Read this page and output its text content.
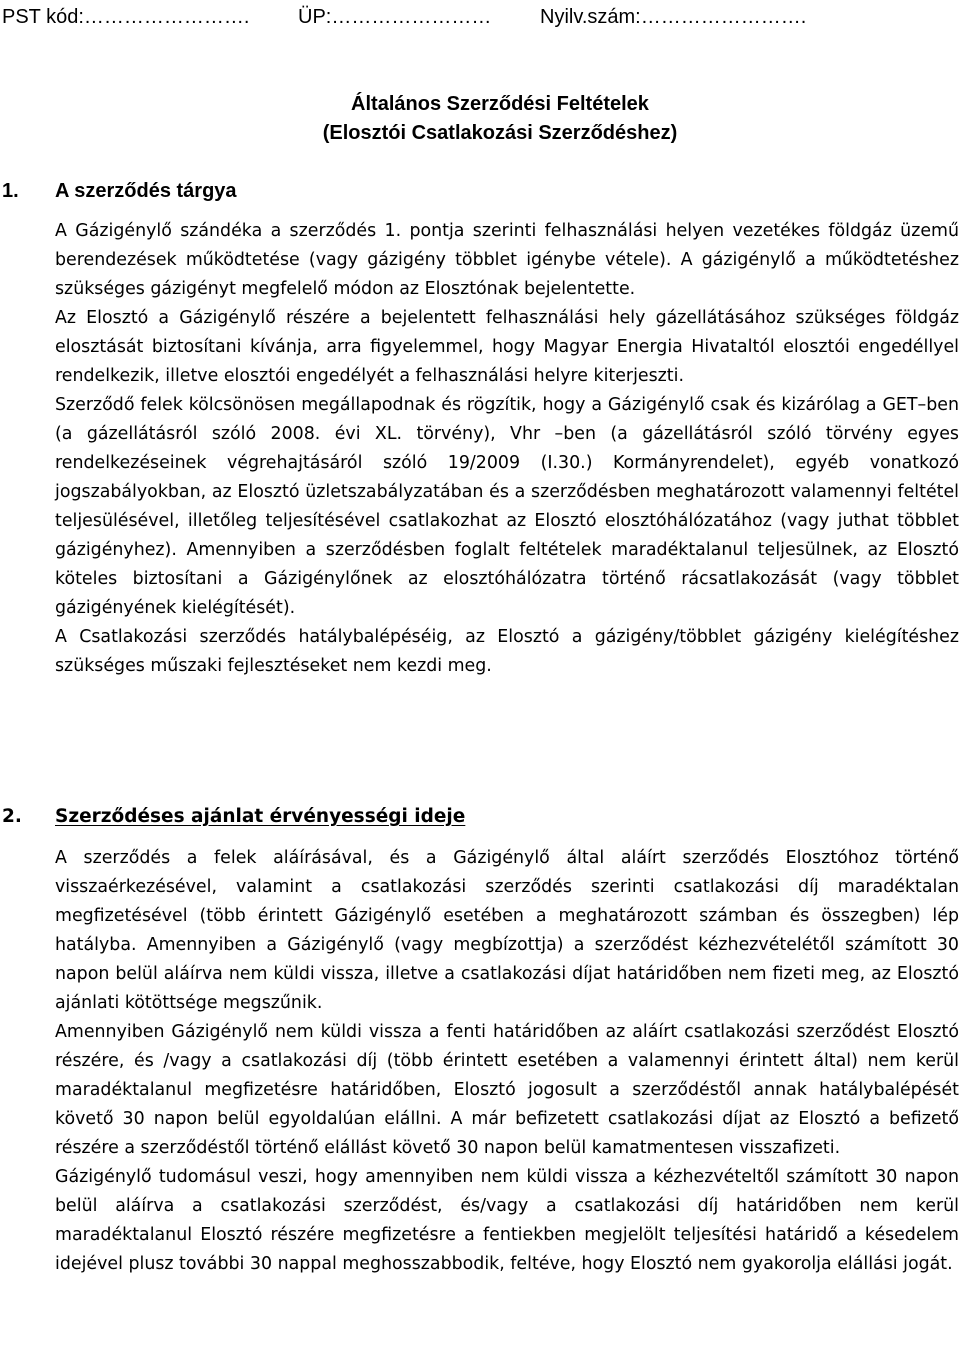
PST kód:……………………. ÜP:…………………… Nyilv.szám:…………………….
Általános Szerződési Feltételek
(Elosztói Csatlakozási Szerződéshez)
1. A szerződés tárgya

A Gázigénylő szándéka a szerződés 1. pontja szerinti felhasználási helyen vezetékes földgáz üzemű berendezések működtetése (vagy gázigény többlet igénybe vétele). A gázigénylő a működtetéshez szükséges gázigényt megfelelő módon az Elosztónak bejelentette.

Az Elosztó a Gázigénylő részére a bejelentett felhasználási hely gázellátásához szükséges földgáz elosztását biztosítani kívánja, arra figyelemmel, hogy Magyar Energia Hivataltól elosztói engedéllyel rendelkezik, illetve elosztói engedélyét a felhasználási helyre kiterjeszti.

Szerződő felek kölcsönösen megállapodnak és rögzítik, hogy a Gázigénylő csak és kizárólag a GET–ben (a gázellátásról szóló 2008. évi XL. törvény), Vhr –ben (a gázellátásról szóló törvény egyes rendelkezéseinek végrehajtásáról szóló 19/2009 (I.30.) Kormányrendelet), egyéb vonatkozó jogszabályokban, az Elosztó üzletszabályzatában és a szerződésben meghatározott valamennyi feltétel teljesülésével, illetőleg teljesítésével csatlakozhat az Elosztó elosztóhálózatához (vagy juthat többlet gázigényhez). Amennyiben a szerződésben foglalt feltételek maradéktalanul teljesülnek, az Elosztó köteles biztosítani a Gázigénylőnek az elosztóhálózatra történő rácsatlakozását (vagy többlet gázigényének kielégítését).

A Csatlakozási szerződés hatálybalépéséig, az Elosztó a gázigény/többlet gázigény kielégítéshez szükséges műszaki fejlesztéseket nem kezdi meg.

2. Szerződéses ajánlat érvényességi ideje

A szerződés a felek aláírásával, és a Gázigénylő által aláírt szerződés Elosztóhoz történő visszaérkezésével, valamint a csatlakozási szerződés szerinti csatlakozási díj maradéktalan megfizetésével (több érintett Gázigénylő esetében a meghatározott számban és összegben) lép hatályba. Amennyiben a Gázigénylő (vagy megbízottja) a szerződést kézhezvételétől számított 30 napon belül aláírva nem küldi vissza, illetve a csatlakozási díjat határidőben nem fizeti meg, az Elosztó ajánlati kötöttsége megszűnik.

Amennyiben Gázigénylő nem küldi vissza a fenti határidőben az aláírt csatlakozási szerződést Elosztó részére, és /vagy a csatlakozási díj (több érintett esetében a valamennyi érintett által) nem kerül maradéktalanul megfizetésre határidőben, Elosztó jogosult a szerződéstől annak hatálybalépését követő 30 napon belül egyoldalúan elállni. A már befizetett csatlakozási díjat az Elosztó a befizető részére a szerződéstől történő elállást követő 30 napon belül kamatmentesen visszafizeti.

Gázigénylő tudomásul veszi, hogy amennyiben nem küldi vissza a kézhezvételtől számított 30 napon belül aláírva a csatlakozási szerződést, és/vagy a csatlakozási díj határidőben nem kerül maradéktalanul Elosztó részére megfizetésre a fentiekben megjelölt teljesítési határidő a késedelem idejével plusz további 30 nappal meghosszabbodik, feltéve, hogy Elosztó nem gyakorolja elállási jogát.
